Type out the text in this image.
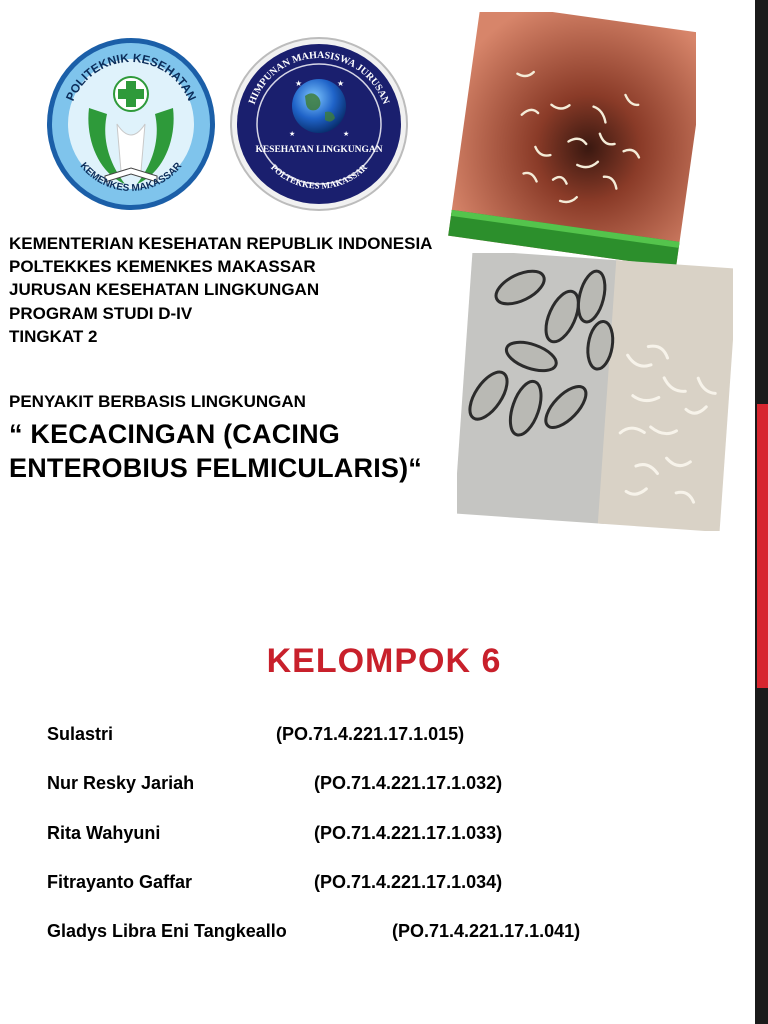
POLITEKNIK KESEHATAN
KEMENKES MAKASSAR
★	★
★	★
KESEHATAN LINGKUNGAN
HIMPUNAN MAHASISWA JURUSAN
POLTEKKES MAKASSAR
KEMENTERIAN KESEHATAN REPUBLIK INDONESIA
POLTEKKES KEMENKES MAKASSAR
JURUSAN KESEHATAN LINGKUNGAN
PROGRAM STUDI D-IV
TINGKAT 2

PENYAKIT BERBASIS LINGKUNGAN

“ KECACINGAN (CACING
ENTEROBIUS FELMICULARIS)“
KELOMPOK 6
Sulastri	(PO.71.4.221.17.1.015)
Nur Resky Jariah	(PO.71.4.221.17.1.032)
Rita Wahyuni	(PO.71.4.221.17.1.033)
Fitrayanto Gaffar	(PO.71.4.221.17.1.034)
Gladys Libra Eni Tangkeallo	(PO.71.4.221.17.1.041)
